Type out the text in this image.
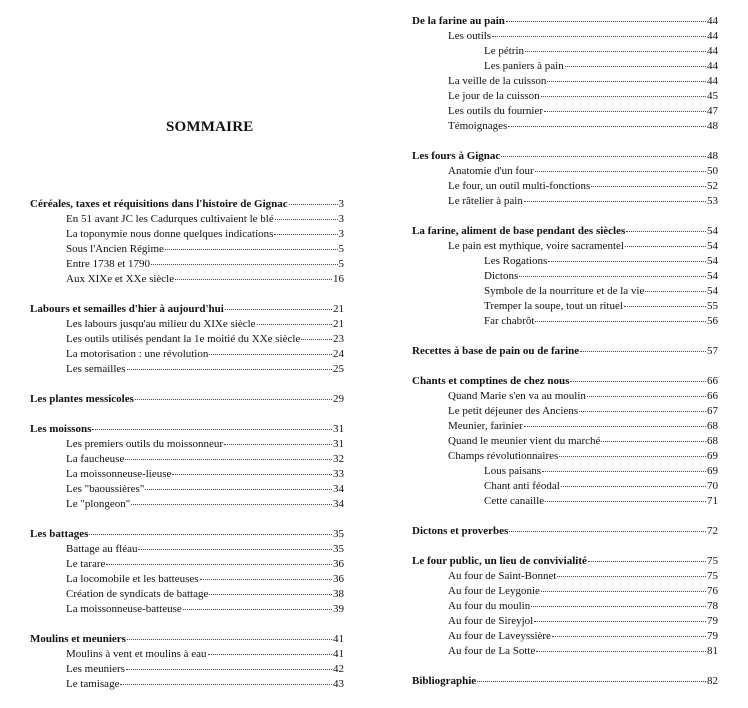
SOMMAIRE
Céréales, taxes et réquisitions dans l'histoire de Gignac	3
En 51 avant JC les Cadurques cultivaient le blé	3
La toponymie nous donne quelques indications	3
Sous l'Ancien Régime	5
Entre 1738 et 1790	5
Aux XIXe et XXe siècle	16
Labours et semailles d'hier à aujourd'hui	21
Les labours jusqu'au milieu du XIXe siècle	21
Les outils utilisés pendant la 1e moitié du XXe siècle	23
La motorisation : une révolution	24
Les semailles	25
Les plantes messicoles	29
Les moissons	31
Les premiers outils du moissonneur	31
La faucheuse	32
La moissonneuse-lieuse	33
Les "baoussières"	34
Le "plongeon"	34
Les battages	35
Battage au fléau	35
Le tarare	36
La locomobile et les batteuses	36
Création de syndicats de battage	38
La moissonneuse-batteuse	39
Moulins et meuniers	41
Moulins à vent et moulins à eau	41
Les meuniers	42
Le tamisage	43
De la farine au pain	44
Les outils	44
Le pétrin	44
Les paniers à pain	44
La veille de la cuisson	44
Le jour de la cuisson	45
Les outils du fournier	47
Témoignages	48
Les fours à Gignac	48
Anatomie d'un four	50
Le four, un outil multi-fonctions	52
Le râtelier à pain	53
La farine, aliment de base pendant des siècles	54
Le pain est mythique, voire sacramentel	54
Les Rogations	54
Dictons	54
Symbole de la nourriture et de la vie	54
Tremper la soupe, tout un rituel	55
Far chabrôt	56
Recettes à base de pain ou de farine	57
Chants et comptines de chez nous	66
Quand Marie s'en va au moulin	66
Le petit déjeuner des Anciens	67
Meunier, farinier	68
Quand le meunier vient du marché	68
Champs révolutionnaires	69
Lous paisans	69
Chant anti féodal	70
Cette canaille	71
Dictons et proverbes	72
Le four public, un lieu de convivialité	75
Au four de Saint-Bonnet	75
Au four de Leygonie	76
Au four du moulin	78
Au four de Sireyjol	79
Au four de Laveyssière	79
Au four de La Sotte	81
Bibliographie	82
